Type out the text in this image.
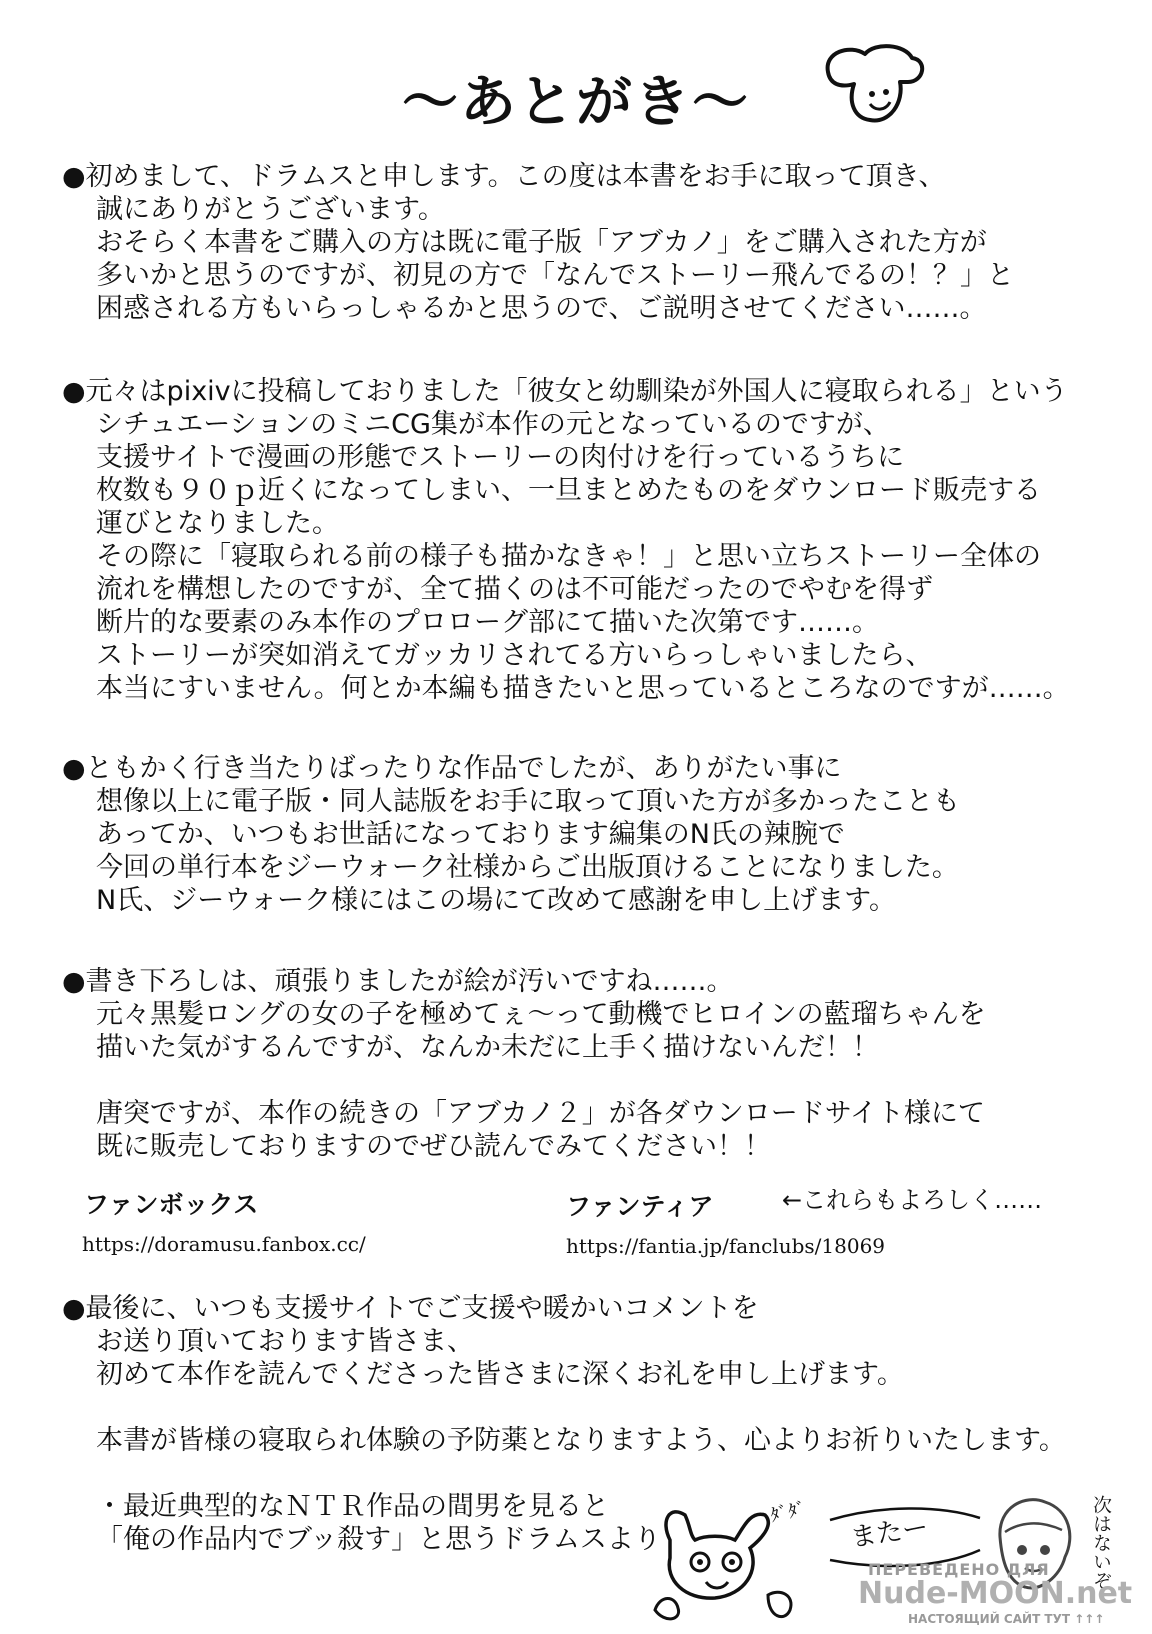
〜あとがき〜
●初めまして、ドラムスと申します。この度は本書をお手に取って頂き、
誠にありがとうございます。
おそらく本書をご購入の方は既に電子版「アブカノ」をご購入された方が
多いかと思うのですが、初見の方で「なんでストーリー飛んでるの！？」と
困惑される方もいらっしゃるかと思うので、ご説明させてください……。
●元々はpixivに投稿しておりました「彼女と幼馴染が外国人に寝取られる」という
シチュエーションのミニCG集が本作の元となっているのですが、
支援サイトで漫画の形態でストーリーの肉付けを行っているうちに
枚数も９０ｐ近くになってしまい、一旦まとめたものをダウンロード販売する
運びとなりました。
その際に「寝取られる前の様子も描かなきゃ！」と思い立ちストーリー全体の
流れを構想したのですが、全て描くのは不可能だったのでやむを得ず
断片的な要素のみ本作のプロローグ部にて描いた次第です……。
ストーリーが突如消えてガッカリされてる方いらっしゃいましたら、
本当にすいません。何とか本編も描きたいと思っているところなのですが……。
●ともかく行き当たりばったりな作品でしたが、ありがたい事に
想像以上に電子版・同人誌版をお手に取って頂いた方が多かったことも
あってか、いつもお世話になっております編集のN氏の辣腕で
今回の単行本をジーウォーク社様からご出版頂けることになりました。
N氏、ジーウォーク様にはこの場にて改めて感謝を申し上げます。
●書き下ろしは、頑張りましたが絵が汚いですね……。
元々黒髪ロングの女の子を極めてぇ〜って動機でヒロインの藍瑠ちゃんを
描いた気がするんですが、なんか未だに上手く描けないんだ！！

唐突ですが、本作の続きの「アブカノ２」が各ダウンロードサイト様にて
既に販売しておりますのでぜひ読んでみてください！！
ファンボックス
https://doramusu.fanbox.cc/
ファンティア
https://fantia.jp/fanclubs/18069
←これらもよろしく……
●最後に、いつも支援サイトでご支援や暖かいコメントを
お送り頂いております皆さま、
初めて本作を読んでくださった皆さまに深くお礼を申し上げます。

本書が皆様の寝取られ体験の予防薬となりますよう、心よりお祈りいたします。

・最近典型的なＮＴＲ作品の間男を見ると
「俺の作品内でブッ殺す」と思うドラムスより
ﾀﾞﾀﾞ
またー	次はないぞ
ПЕРЕВЕДЕНО ДЛЯ
Nude-MOON.net
НАСТОЯЩИЙ САЙТ ТУТ ↑↑↑
